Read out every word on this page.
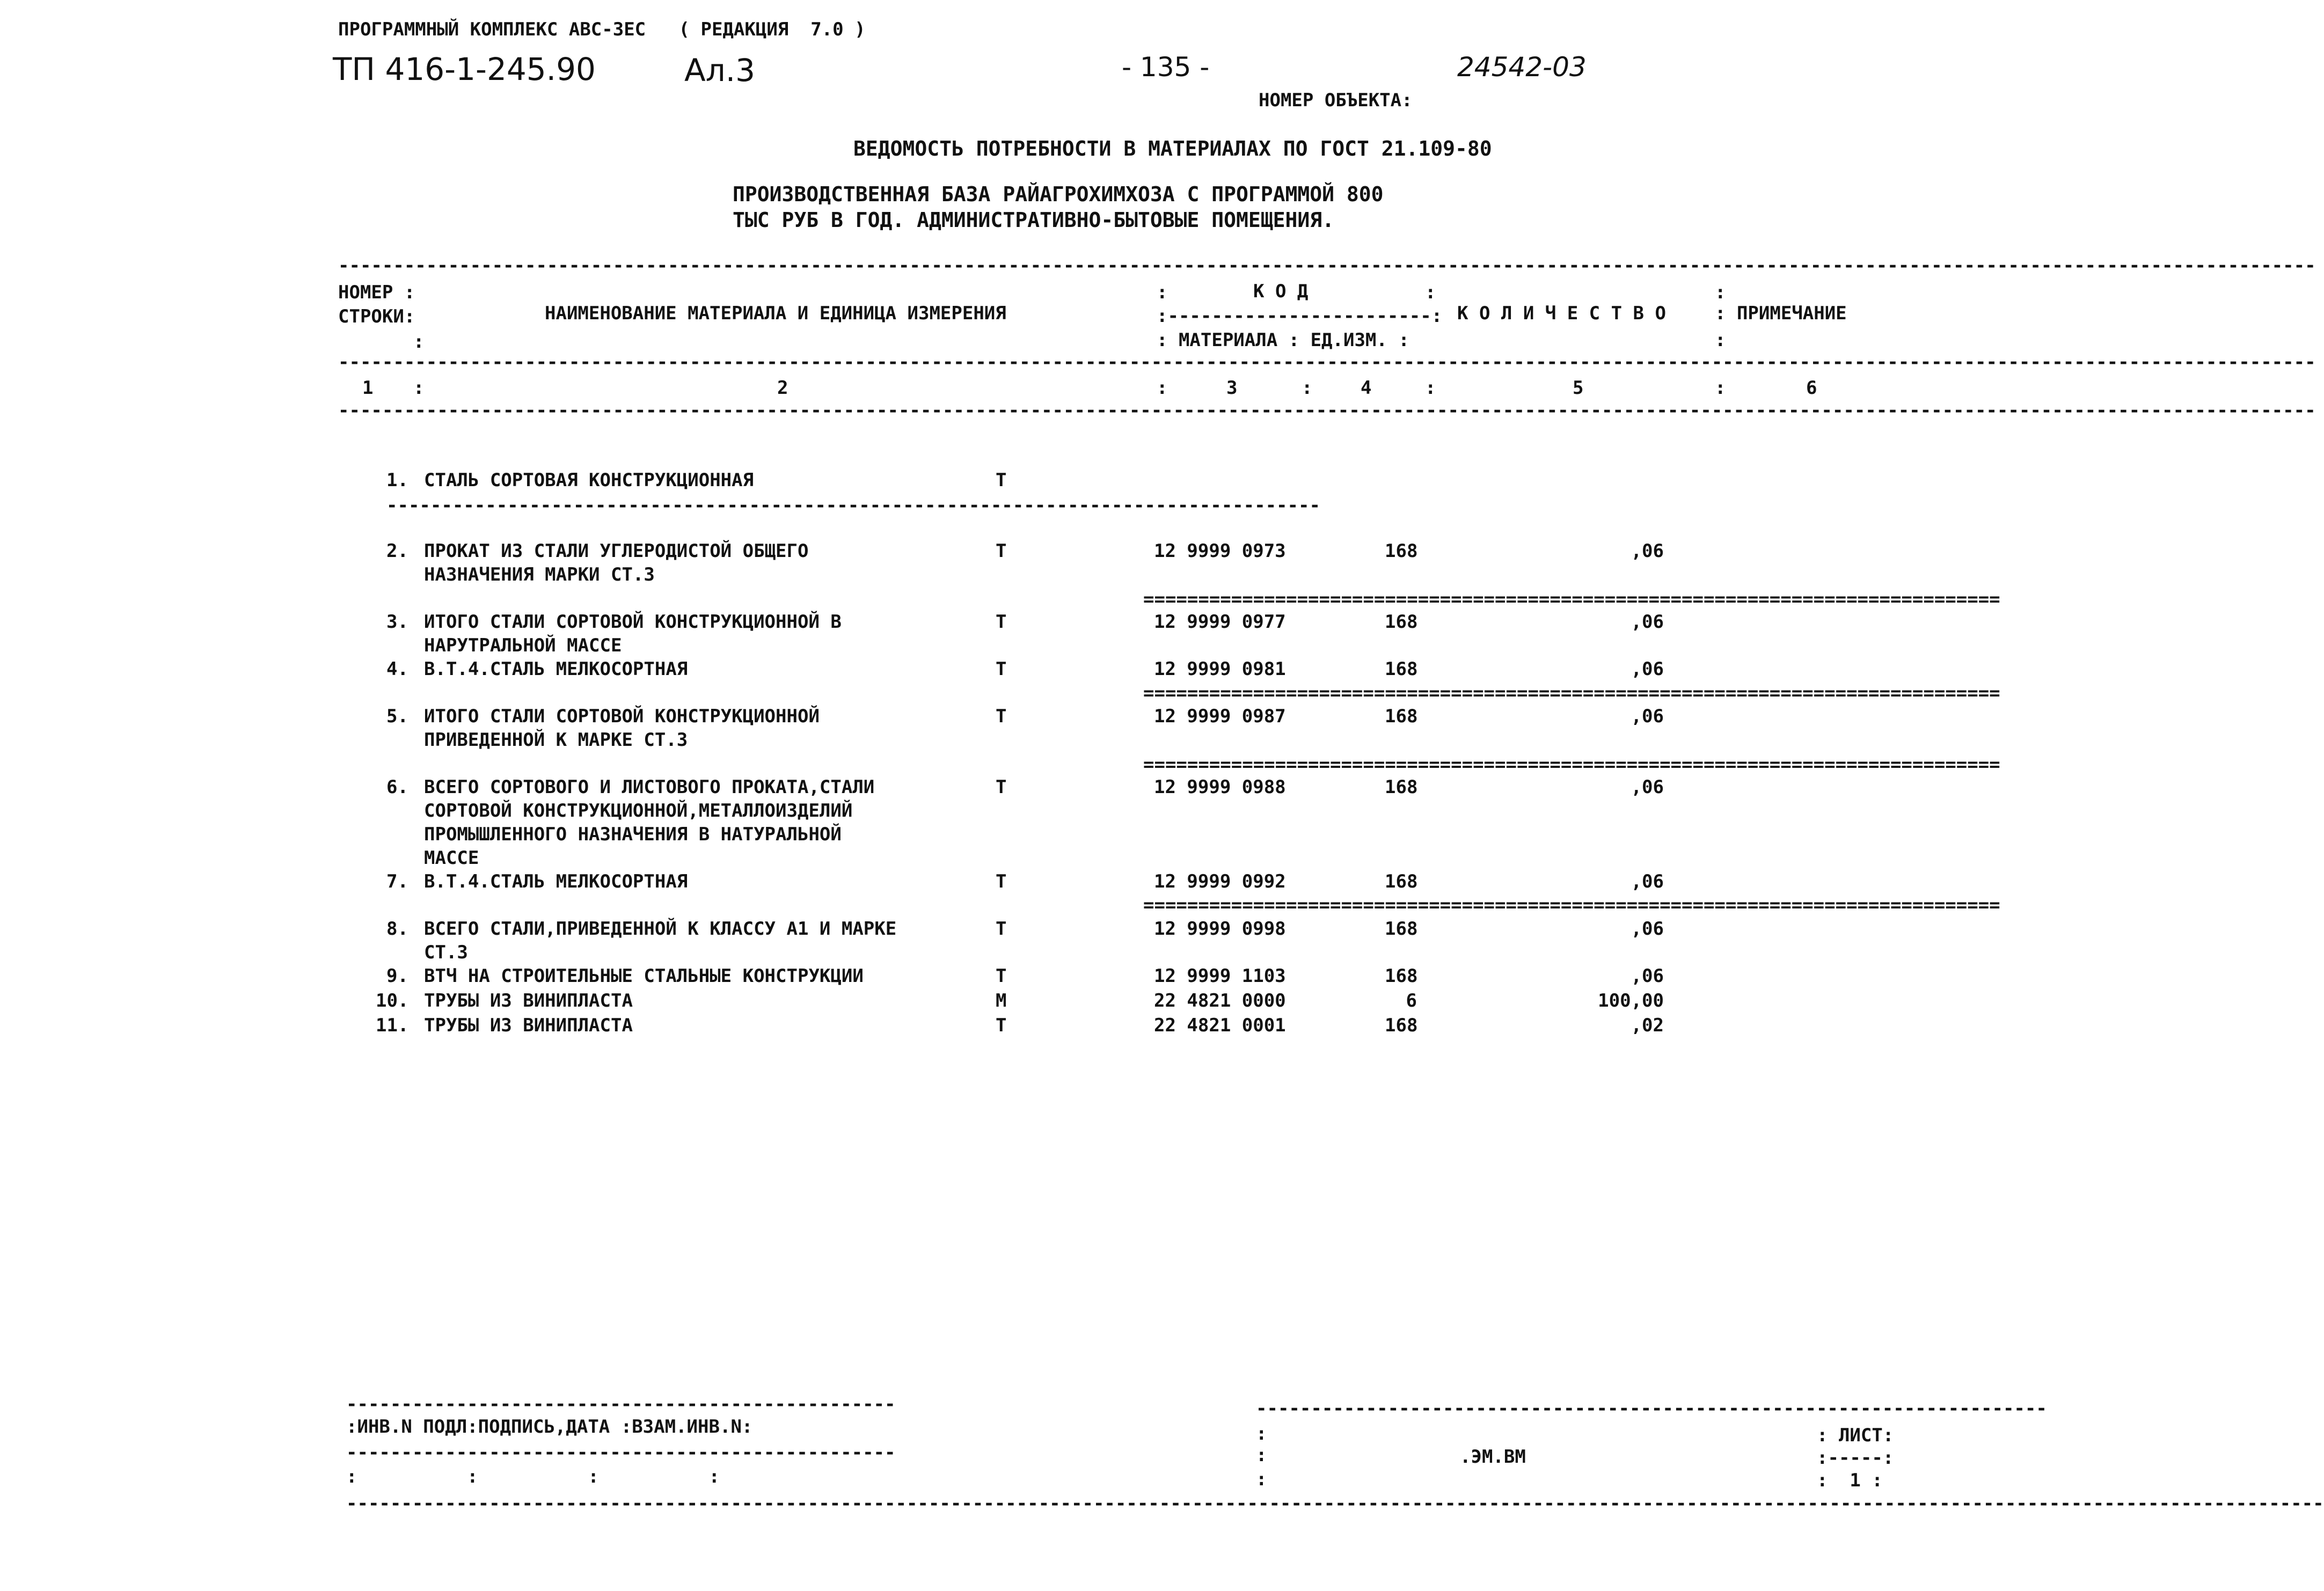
ПРОГРАММНЫЙ КОМПЛЕКС АВС-ЗЕС   ( РЕДАКЦИЯ  7.0 )
ТП 416-1-245.90	Ал.3	- 135 -	24542-03
НОМЕР ОБЪЕКТА:
ВЕДОМОСТЬ ПОТРЕБНОСТИ В МАТЕРИАЛАХ ПО ГОСТ 21.109-80
ПРОИЗВОДСТВЕННАЯ БАЗА РАЙАГРОХИМХОЗА С ПРОГРАММОЙ 800
ТЫС РУБ В ГОД. АДМИНИСТРАТИВНО-БЫТОВЫЕ ПОМЕЩЕНИЯ.
------------------------------------------------------------------------------------------------------------------------------------------------------------------------------------
------------------------------------------------------------------------------------------------------------------------------------------------------------------------------------
------------------------------------------------------------------------------------------------------------------------------------------------------------------------------------
НОМЕР :
СТРОКИ:
:
НАИМЕНОВАНИЕ МАТЕРИАЛА И ЕДИНИЦА ИЗМЕРЕНИЯ
:	К О Д	:
:------------------------:
: МАТЕРИАЛА : ЕД.ИЗМ. :
К О Л И Ч Е С Т В О
:
: ПРИМЕЧАНИЕ
:
1 :	2	:	3	:	4	:	5	:	6
1. СТАЛЬ СОРТОВАЯ КОНСТРУКЦИОННАЯ	Т
-------------------------------------------------------------------------------------
2. ПРОКАТ ИЗ СТАЛИ УГЛЕРОДИСТОЙ ОБЩЕГО
НАЗНАЧЕНИЯ МАРКИ СТ.3
Т	12 9999 0973	168	,06
==============================================================================
3. ИТОГО СТАЛИ СОРТОВОЙ КОНСТРУКЦИОННОЙ В
НАРУТРАЛЬНОЙ МАССЕ
Т	12 9999 0977	168	,06
4. В.Т.4.СТАЛЬ МЕЛКОСОРТНАЯ	Т	12 9999 0981	168	,06
==============================================================================
5. ИТОГО СТАЛИ СОРТОВОЙ КОНСТРУКЦИОННОЙ
ПРИВЕДЕННОЙ К МАРКЕ СТ.3
Т	12 9999 0987	168	,06
==============================================================================
6. ВСЕГО СОРТОВОГО И ЛИСТОВОГО ПРОКАТА,СТАЛИ
СОРТОВОЙ КОНСТРУКЦИОННОЙ,МЕТАЛЛОИЗДЕЛИЙ
ПРОМЫШЛЕННОГО НАЗНАЧЕНИЯ В НАТУРАЛЬНОЙ
МАССЕ
Т	12 9999 0988	168	,06
7. В.Т.4.СТАЛЬ МЕЛКОСОРТНАЯ	Т	12 9999 0992	168	,06
==============================================================================
8. ВСЕГО СТАЛИ,ПРИВЕДЕННОЙ К КЛАССУ А1 И МАРКЕ
СТ.3
Т	12 9999 0998	168	,06
9. ВТЧ НА СТРОИТЕЛЬНЫЕ СТАЛЬНЫЕ КОНСТРУКЦИИ	Т	12 9999 1103	168	,06
10. ТРУБЫ ИЗ ВИНИПЛАСТА	М	22 4821 0000	6	100,00
11. ТРУБЫ ИЗ ВИНИПЛАСТА	Т	22 4821 0001	168	,02
--------------------------------------------------
:ИНВ.N ПОДЛ:ПОДПИСЬ,ДАТА :ВЗАМ.ИНВ.N:
--------------------------------------------------
:          :          :          :
------------------------------------------------------------------------
:
:
:
.ЭМ.ВМ
: ЛИСТ:
:-----:
:  1 :
------------------------------------------------------------------------------------------------------------------------------------------------------------------------------------
